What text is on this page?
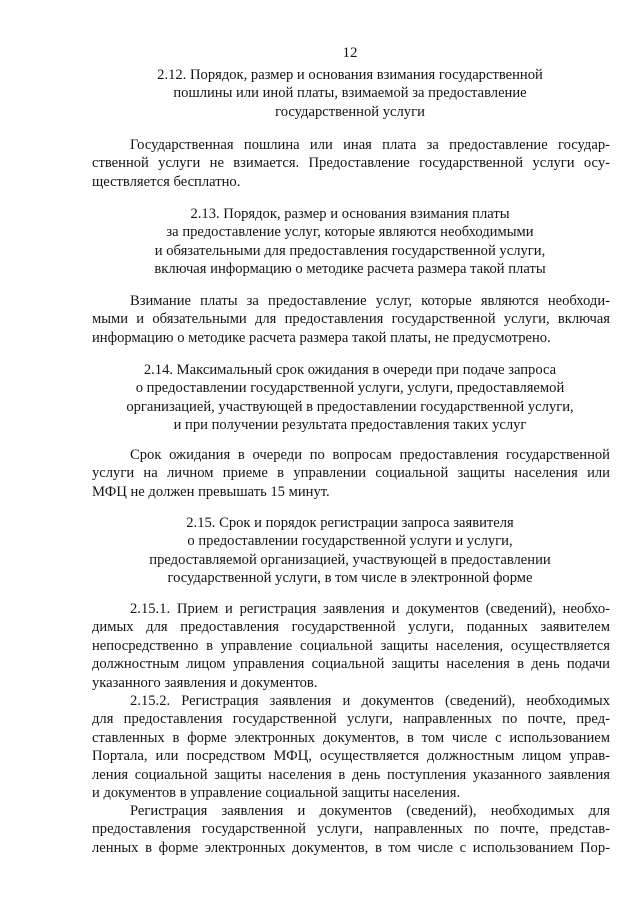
12
2.12. Порядок, размер и основания взимания государственной
пошлины или иной платы, взимаемой за предоставление
государственной услуги
Государственная пошлина или иная плата за предоставление государ-
ственной услуги не взимается. Предоставление государственной услуги осу-
ществляется бесплатно.
2.13. Порядок, размер и основания взимания платы
за предоставление услуг, которые являются необходимыми
и обязательными для предоставления государственной услуги,
включая информацию о методике расчета размера такой платы
Взимание платы за предоставление услуг, которые являются необходи-
мыми и обязательными для предоставления государственной услуги, включая
информацию о методике расчета размера такой платы, не предусмотрено.
2.14. Максимальный срок ожидания в очереди при подаче запроса
о предоставлении государственной услуги, услуги, предоставляемой
организацией, участвующей в предоставлении государственной услуги,
и при получении результата предоставления таких услуг
Срок ожидания в очереди по вопросам предоставления государственной
услуги на личном приеме в управлении социальной защиты населения или
МФЦ не должен превышать 15 минут.
2.15. Срок и порядок регистрации запроса заявителя
о предоставлении государственной услуги и услуги,
предоставляемой организацией, участвующей в предоставлении
государственной услуги, в том числе в электронной форме
2.15.1. Прием и регистрация заявления и документов (сведений), необхо-
димых для предоставления государственной услуги, поданных заявителем
непосредственно в управление социальной защиты населения, осуществляется
должностным лицом управления социальной защиты населения в день подачи
указанного заявления и документов.
2.15.2. Регистрация заявления и документов (сведений), необходимых
для предоставления государственной услуги, направленных по почте, пред-
ставленных в форме электронных документов, в том числе с использованием
Портала, или посредством МФЦ, осуществляется должностным лицом управ-
ления социальной защиты населения в день поступления указанного заявления
и документов в управление социальной защиты населения.
Регистрация заявления и документов (сведений), необходимых для
предоставления государственной услуги, направленных по почте, представ-
ленных в форме электронных документов, в том числе с использованием Пор-
